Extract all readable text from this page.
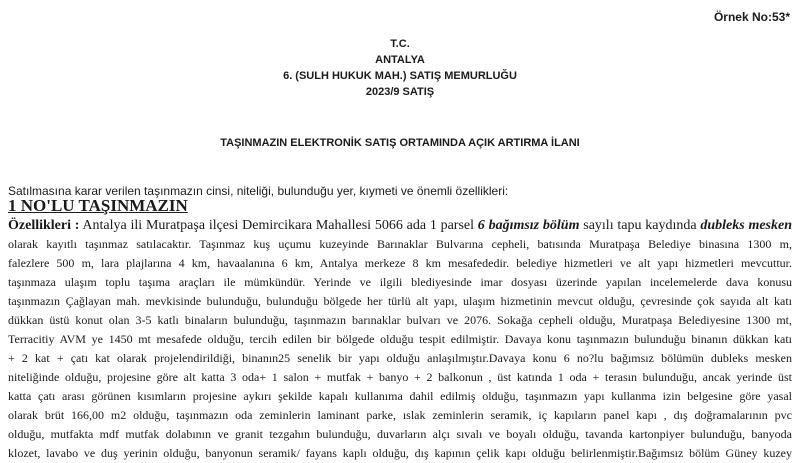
Örnek No:53*
T.C.
ANTALYA
6. (SULH HUKUK MAH.) SATIŞ MEMURLUĞU
2023/9 SATIŞ
TAŞINMAZIN ELEKTRONİK SATIŞ ORTAMINDA AÇIK ARTIRMA İLANI
Satılmasına karar verilen taşınmazın cinsi, niteliği, bulunduğu yer, kıymeti ve önemli özellikleri:
1 NO'LU TAŞINMAZIN
Özellikleri : Antalya ili Muratpaşa ilçesi Demircikara Mahallesi 5066 ada 1 parsel 6 bağımsız bölüm sayılı tapu kaydında dubleks mesken
olarak kayıtlı taşınmaz satılacaktır. Taşınmaz kuş uçumu kuzeyinde Barınaklar Bulvarına cepheli, batısında Muratpaşa Belediye binasına 1300 m,
falezlere 500 m, lara plajlarına 4 km, havaalanına 6 km, Antalya merkeze 8 km mesafededir. belediye hizmetleri ve alt yapı hizmetleri mevcuttur.
taşınmaza ulaşım toplu taşıma araçları ile mümkündür. Yerinde ve ilgili blediyesinde imar dosyası üzerinde yapılan incelemelerde dava konusu
taşınmazın Çağlayan mah. mevkisinde bulunduğu, bulunduğu bölgede her türlü alt yapı, ulaşım hizmetinin mevcut olduğu, çevresinde çok sayıda alt katı
dükkan üstü konut olan 3-5 katlı binaların bulunduğu, taşınmazın barınaklar bulvarı ve 2076. Sokağa cepheli olduğu, Muratpaşa Belediyesine 1300 mt,
Terracitiy AVM ye 1450 mt mesafede olduğu, tercih edilen bir bölgede olduğu tespit edilmiştir. Davaya konu taşınmazın bulunduğu binanın dükkan katı
+ 2 kat + çatı kat olarak projelendirildiği, binanın25 senelik bir yapı olduğu anlaşılmıştır.Davaya konu 6 no?lu bağımsız bölümün dubleks mesken
niteliğinde olduğu, projesine göre alt katta 3 oda+ 1 salon + mutfak + banyo + 2 balkonun , üst katında 1 oda + terasın bulunduğu, ancak yerinde üst
katta çatı arası görünen kısımların projesine aykırı şekilde kapalı kullanıma dahil edilmiş olduğu, taşınmazın yapı kullanma izin belgesine göre yasal
olarak brüt 166,00 m2 olduğu, taşınmazın oda zeminlerin laminant parke, ıslak zeminlerin seramik, iç kapıların panel kapı , dış doğramalarının pvc
olduğu, mutfakta mdf mutfak dolabının ve granit tezgahın bulunduğu, duvarların alçı sıvalı ve boyalı olduğu, tavanda kartonpiyer bulunduğu, banyoda
klozet, lavabo ve duş yerinin olduğu, banyonun seramik/ fayans kaplı olduğu, dış kapının çelik kapı olduğu belirlenmiştir.Bağımsız bölüm Güney kuzey
